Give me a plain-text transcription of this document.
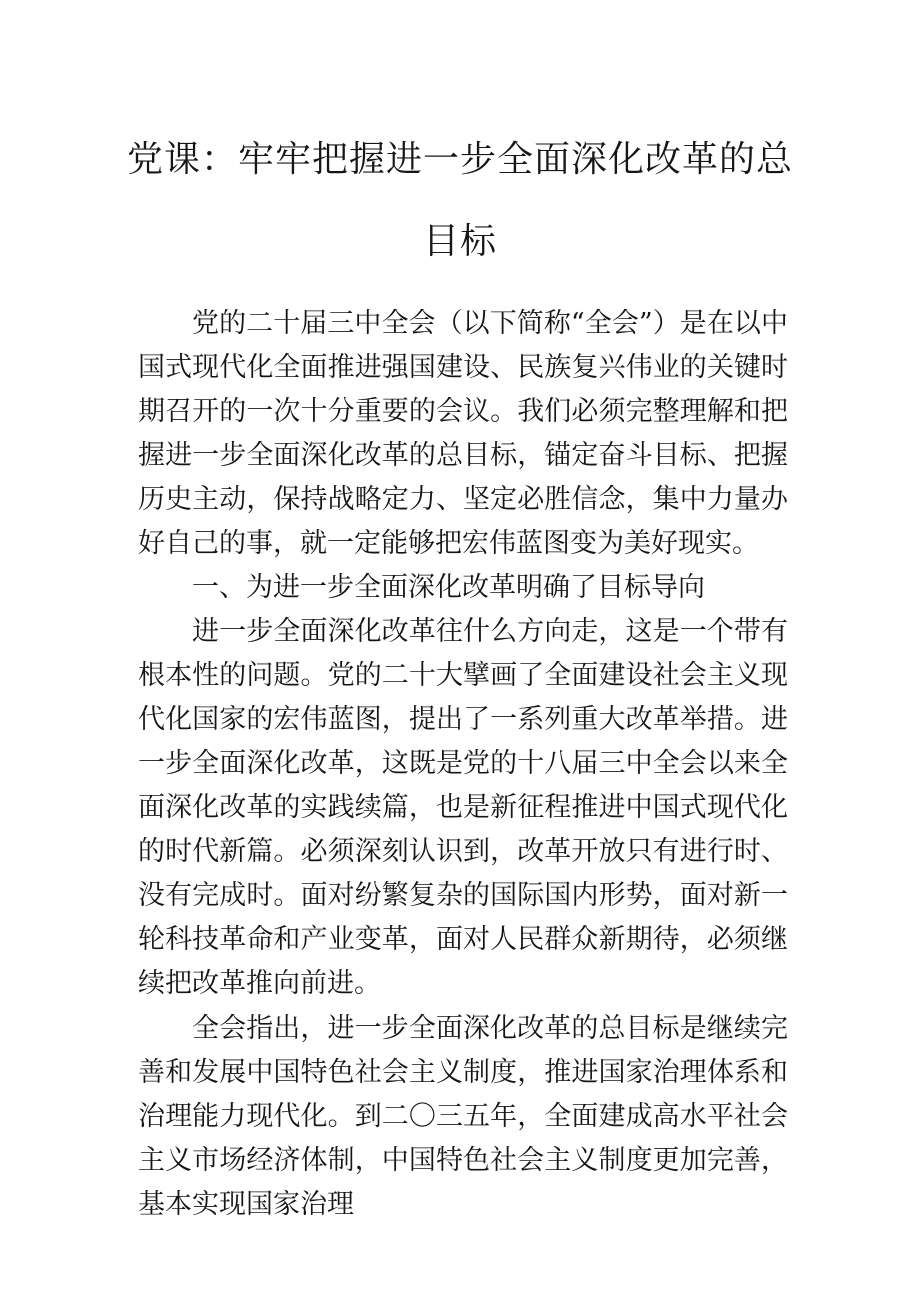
党课：牢牢把握进一步全面深化改革的总
目标

党的二十届三中全会（以下简称“全会”）是在以中国式现代化全面推进强国建设、民族复兴伟业的关键时期召开的一次十分重要的会议。我们必须完整理解和把握进一步全面深化改革的总目标，锚定奋斗目标、把握历史主动，保持战略定力、坚定必胜信念，集中力量办好自己的事，就一定能够把宏伟蓝图变为美好现实。

一、为进一步全面深化改革明确了目标导向

进一步全面深化改革往什么方向走，这是一个带有根本性的问题。党的二十大擘画了全面建设社会主义现代化国家的宏伟蓝图，提出了一系列重大改革举措。进一步全面深化改革，这既是党的十八届三中全会以来全面深化改革的实践续篇，也是新征程推进中国式现代化的时代新篇。必须深刻认识到，改革开放只有进行时、没有完成时。面对纷繁复杂的国际国内形势，面对新一轮科技革命和产业变革，面对人民群众新期待，必须继续把改革推向前进。

全会指出，进一步全面深化改革的总目标是继续完善和发展中国特色社会主义制度，推进国家治理体系和治理能力现代化。到二〇三五年，全面建成高水平社会主义市场经济体制，中国特色社会主义制度更加完善，基本实现国家治理
